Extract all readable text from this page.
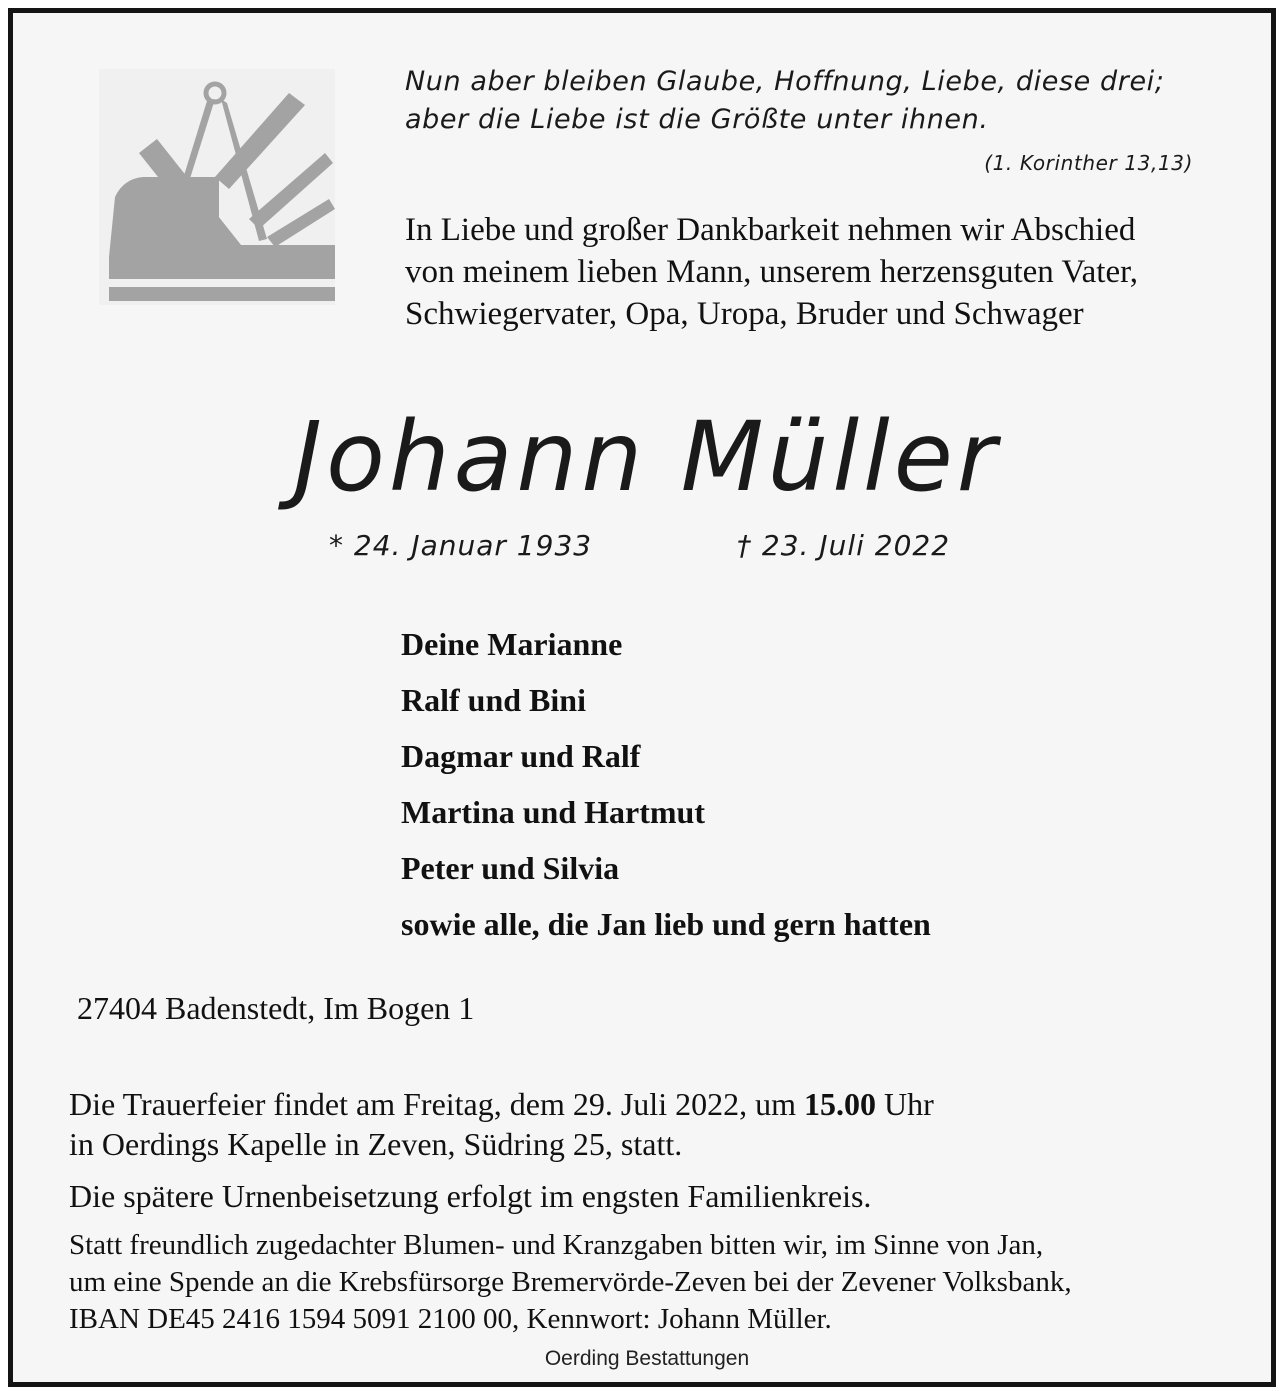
Nun aber bleiben Glaube, Hoffnung, Liebe, diese drei;
aber die Liebe ist die Größte unter ihnen.
(1. Korinther 13,13)
In Liebe und großer Dankbarkeit nehmen wir Abschied
von meinem lieben Mann, unserem herzensguten Vater,
Schwiegervater, Opa, Uropa, Bruder und Schwager
Johann Müller
* 24. Januar 1933	† 23. Juli 2022
Deine Marianne
Ralf und Bini
Dagmar und Ralf
Martina und Hartmut
Peter und Silvia
sowie alle, die Jan lieb und gern hatten
27404 Badenstedt, Im Bogen 1
Die Trauerfeier findet am Freitag, dem 29. Juli 2022, um 15.00 Uhr
in Oerdings Kapelle in Zeven, Südring 25, statt.
Die spätere Urnenbeisetzung erfolgt im engsten Familienkreis.
Statt freundlich zugedachter Blumen- und Kranzgaben bitten wir, im Sinne von Jan,
um eine Spende an die Krebsfürsorge Bremervörde-Zeven bei der Zevener Volksbank,
IBAN DE45 2416 1594 5091 2100 00, Kennwort: Johann Müller.
Oerding Bestattungen
